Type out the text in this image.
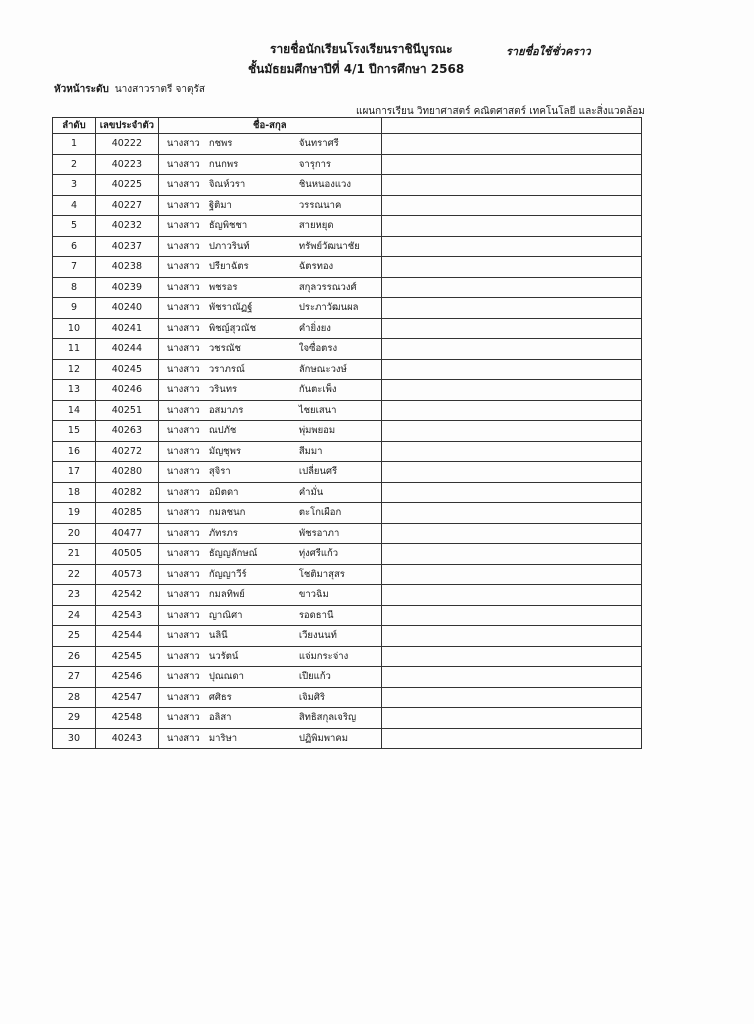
รายชื่อนักเรียนโรงเรียนราชินีบูรณะ	รายชื่อใช้ชั่วคราว
ชั้นมัธยมศึกษาปีที่ 4/1 ปีการศึกษา 2568
หัวหน้าระดับ นางสาวราตรี จาตุรัส
แผนการเรียน วิทยาศาสตร์ คณิตศาสตร์ เทคโนโลยี และสิ่งแวดล้อม
ลำดับ	เลขประจำตัว	ชื่อ-สกุล	
1	40222	นางสาว กชพร จันทราศรี	
2	40223	นางสาว กนกพร จารุการ	
3	40225	นางสาว จิณห์วรา ชินหนองแวง	
4	40227	นางสาว ฐิติมา วรรณนาค	
5	40232	นางสาว ธัญพิชชา สายหยุด	
6	40237	นางสาว ปภาวรินท์ ทรัพย์วัฒนาชัย	
7	40238	นางสาว ปรียาฉัตร ฉัตรทอง	
8	40239	นางสาว พชรอร สกุลวรรณวงศ์	
9	40240	นางสาว พัชราณัฏฐ์ ประภาวัฒนผล	
10	40241	นางสาว พิชญ์สุวณัช คำยิ่งยง	
11	40244	นางสาว วชรณัช ใจซื่อตรง	
12	40245	นางสาว วราภรณ์ ลักษณะวงษ์	
13	40246	นางสาว วรินทร กันตะเพ็ง	
14	40251	นางสาว อสมาภร ไชยเสนา	
15	40263	นางสาว ณปภัช พุ่มพยอม	
16	40272	นางสาว มัญชุพร สีมมา	
17	40280	นางสาว สุจิรา เปลี่ยนศรี	
18	40282	นางสาว อมิตดา คำมั่น	
19	40285	นางสาว กมลชนก ตะโกเผือก	
20	40477	นางสาว ภัทรภร พัชรอาภา	
21	40505	นางสาว ธัญญลักษณ์ ทุ่งศรีแก้ว	
22	40573	นางสาว กัญญาวีร์ โชติมาสุสร	
23	42542	นางสาว กมลทิพย์ ขาวฉิม	
24	42543	นางสาว ญาณิศา รอดธานี	
25	42544	นางสาว นลินี เวียงนนท์	
26	42545	นางสาว นวรัตน์ แจ่มกระจ่าง	
27	42546	นางสาว ปุณณดา เปียแก้ว	
28	42547	นางสาว ศศิธร เจิมศิริ	
29	42548	นางสาว อลิสา สิทธิสกุลเจริญ	
30	40243	นางสาว มาริษา ปฏิพิมพาคม	
